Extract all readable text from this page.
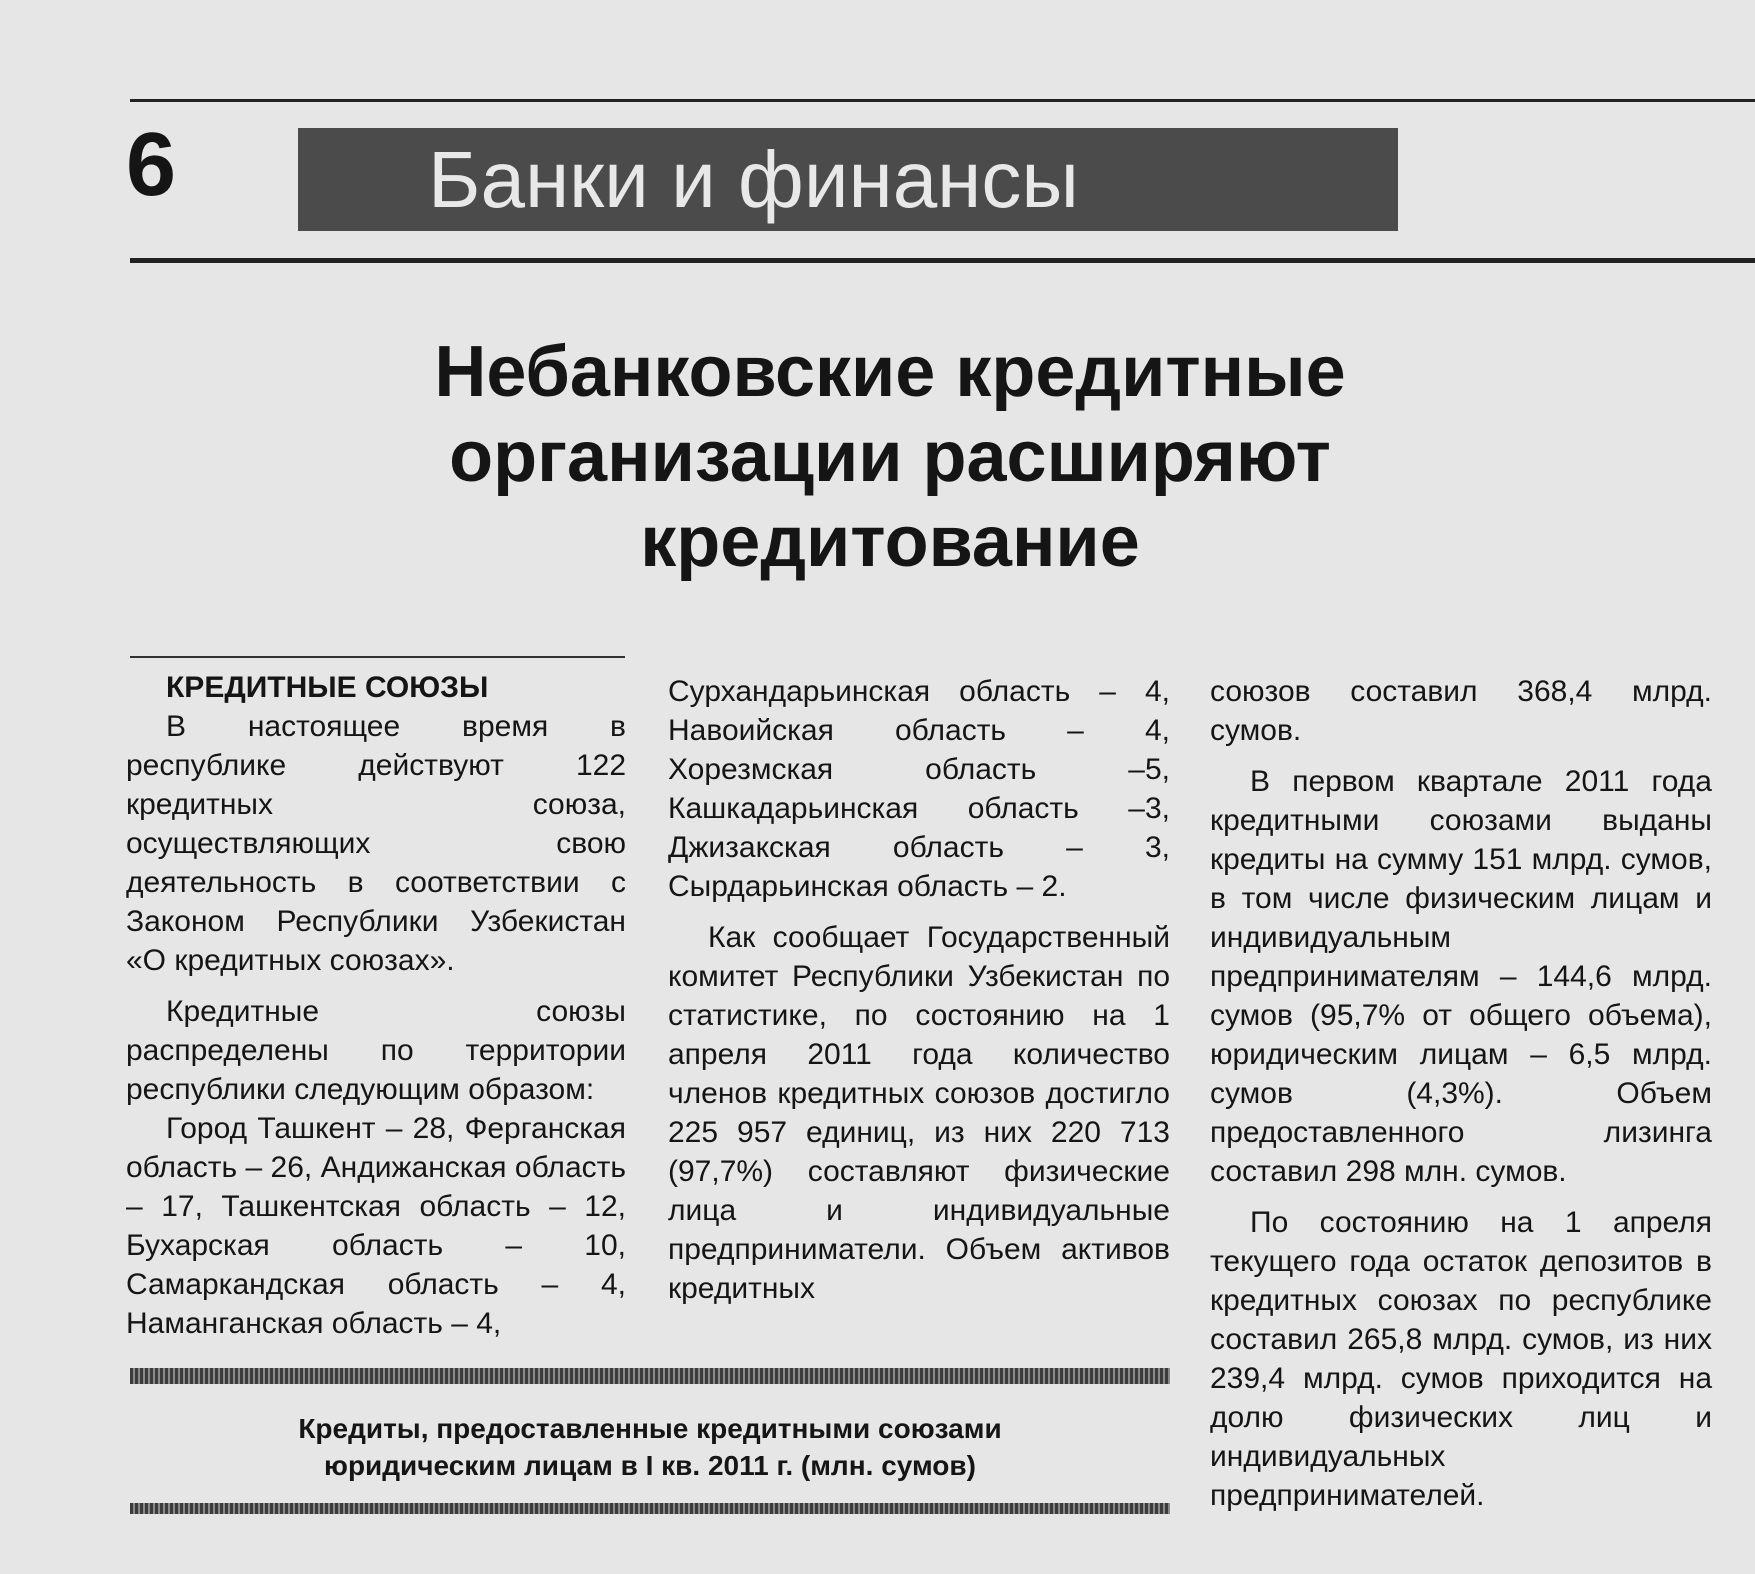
6	Банки и финансы
Небанковские кредитные организации расширяют кредитование

КРЕДИТНЫЕ СОЮЗЫ

В настоящее время в республике действуют 122 кредитных союза, осуществляющих свою деятельность в соответствии с Законом Республики Узбекистан «О кредитных союзах».

Кредитные союзы распределены по территории республики следующим образом:

Город Ташкент – 28, Ферганская область – 26, Андижанская область – 17, Ташкентская область – 12, Бухарская область – 10, Самаркандская область – 4, Наманганская область – 4,

Сурхандарьинская область – 4, Навоийская область – 4, Хорезмская область –5, Кашкадарьинская область –3, Джизакская область – 3, Сырдарьинская область – 2.

Как сообщает Государственный комитет Республики Узбекистан по статистике, по состоянию на 1 апреля 2011 года количество членов кредитных союзов достигло 225 957 единиц, из них 220 713 (97,7%) составляют физические лица и индивидуальные предприниматели. Объем активов кредитных

союзов составил 368,4 млрд. сумов.

В первом квартале 2011 года кредитными союзами выданы кредиты на сумму 151 млрд. сумов, в том числе физическим лицам и индивидуальным предпринимателям – 144,6 млрд. сумов (95,7% от общего объема), юридическим лицам – 6,5 млрд. сумов (4,3%). Объем предоставленного лизинга составил 298 млн. сумов.

По состоянию на 1 апреля текущего года остаток депозитов в кредитных союзах по республике составил 265,8 млрд. сумов, из них 239,4 млрд. сумов приходится на долю физических лиц и индивидуальных предпринимателей.

Кредиты, предоставленные кредитными союзами
юридическим лицам в I кв. 2011 г. (млн. сумов)
